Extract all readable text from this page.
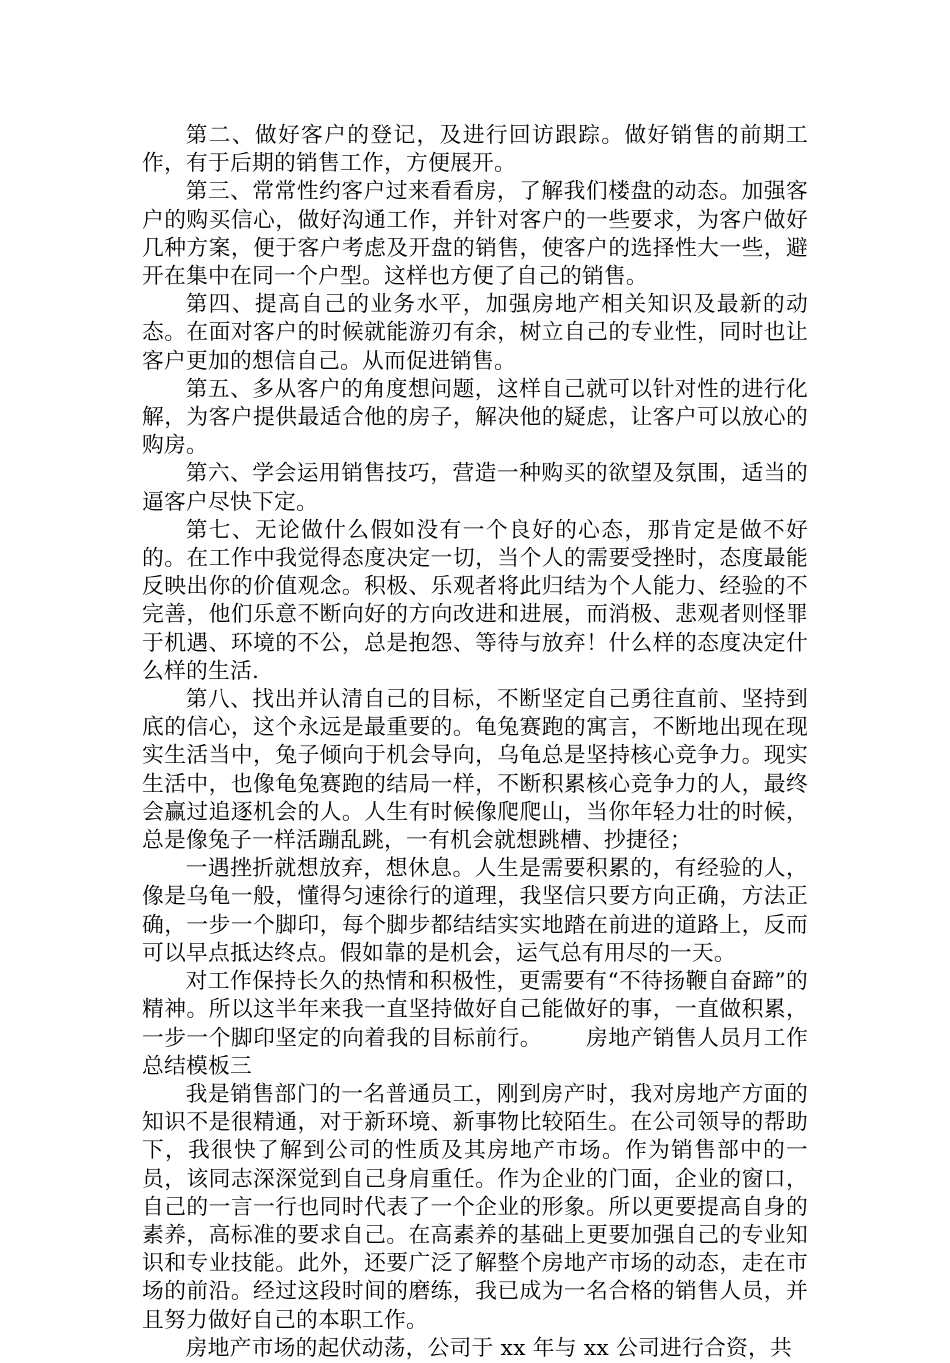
第二、做好客户的登记，及进行回访跟踪。做好销售的前期工作，有于后期的销售工作，方便展开。

第三、常常性约客户过来看看房，了解我们楼盘的动态。加强客户的购买信心，做好沟通工作，并针对客户的一些要求，为客户做好几种方案，便于客户考虑及开盘的销售，使客户的选择性大一些，避开在集中在同一个户型。这样也方便了自己的销售。

第四、提高自己的业务水平，加强房地产相关知识及最新的动态。在面对客户的时候就能游刃有余，树立自己的专业性，同时也让客户更加的想信自己。从而促进销售。

第五、多从客户的角度想问题，这样自己就可以针对性的进行化解，为客户提供最适合他的房子，解决他的疑虑，让客户可以放心的购房。

第六、学会运用销售技巧，营造一种购买的欲望及氛围，适当的逼客户尽快下定。

第七、无论做什么假如没有一个良好的心态，那肯定是做不好的。在工作中我觉得态度决定一切，当个人的需要受挫时，态度最能反映出你的价值观念。积极、乐观者将此归结为个人能力、经验的不完善，他们乐意不断向好的方向改进和进展，而消极、悲观者则怪罪于机遇、环境的不公，总是抱怨、等待与放弃！什么样的态度决定什么样的生活.

第八、找出并认清自己的目标，不断坚定自己勇往直前、坚持到底的信心，这个永远是最重要的。龟兔赛跑的寓言，不断地出现在现实生活当中，兔子倾向于机会导向，乌龟总是坚持核心竞争力。现实生活中，也像龟兔赛跑的结局一样，不断积累核心竞争力的人，最终会赢过追逐机会的人。人生有时候像爬爬山，当你年轻力壮的时候，总是像兔子一样活蹦乱跳，一有机会就想跳槽、抄捷径；

一遇挫折就想放弃，想休息。人生是需要积累的，有经验的人，像是乌龟一般，懂得匀速徐行的道理，我坚信只要方向正确，方法正确，一步一个脚印，每个脚步都结结实实地踏在前进的道路上，反而可以早点抵达终点。假如靠的是机会，运气总有用尽的一天。

对工作保持长久的热情和积极性，更需要有“不待扬鞭自奋蹄”的精神。所以这半年来我一直坚持做好自己能做好的事，一直做积累，一步一个脚印坚定的向着我的目标前行。      房地产销售人员月工作总结模板三

我是销售部门的一名普通员工，刚到房产时，我对房地产方面的知识不是很精通，对于新环境、新事物比较陌生。在公司领导的帮助下，我很快了解到公司的性质及其房地产市场。作为销售部中的一员，该同志深深觉到自己身肩重任。作为企业的门面，企业的窗口，自己的一言一行也同时代表了一个企业的形象。所以更要提高自身的素养，高标准的要求自己。在高素养的基础上更要加强自己的专业知识和专业技能。此外，还要广泛了解整个房地产市场的动态，走在市场的前沿。经过这段时间的磨练，我已成为一名合格的销售人员，并且努力做好自己的本职工作。

房地产市场的起伏动荡，公司于 xx 年与 xx 公司进行合资，共
